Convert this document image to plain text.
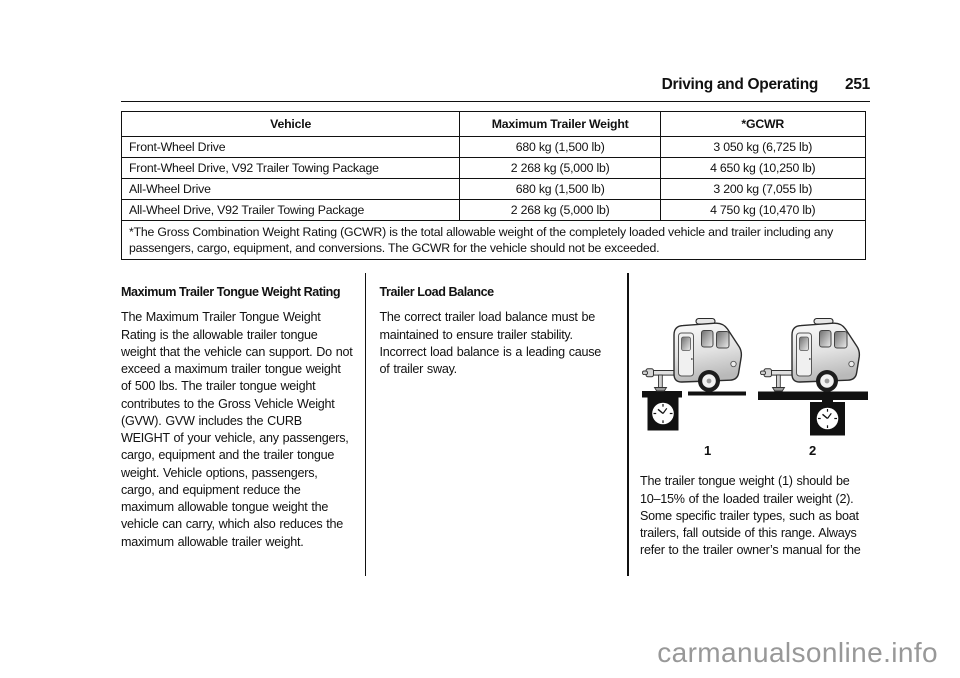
Driving and Operating 251
Vehicle	Maximum Trailer Weight	*GCWR
Front-Wheel Drive	680 kg (1,500 lb)	3 050 kg (6,725 lb)
Front-Wheel Drive, V92 Trailer Towing Package	2 268 kg (5,000 lb)	4 650 kg (10,250 lb)
All-Wheel Drive	680 kg (1,500 lb)	3 200 kg (7,055 lb)
All-Wheel Drive, V92 Trailer Towing Package	2 268 kg (5,000 lb)	4 750 kg (10,470 lb)
*The Gross Combination Weight Rating (GCWR) is the total allowable weight of the completely loaded vehicle and trailer including any passengers, cargo, equipment, and conversions. The GCWR for the vehicle should not be exceeded.		
Maximum Trailer Tongue Weight Rating

The Maximum Trailer Tongue Weight Rating is the allowable trailer tongue weight that the vehicle can support. Do not exceed a maximum trailer tongue weight of 500 lbs. The trailer tongue weight contributes to the Gross Vehicle Weight (GVW). GVW includes the CURB WEIGHT of your vehicle, any passengers, cargo, equipment and the trailer tongue weight. Vehicle options, passengers, cargo, and equipment reduce the maximum allowable tongue weight the vehicle can carry, which also reduces the maximum allowable trailer weight.

Trailer Load Balance

The correct trailer load balance must be maintained to ensure trailer stability. Incorrect load balance is a leading cause of trailer sway.

1	2

The trailer tongue weight (1) should be 10–15% of the loaded trailer weight (2). Some specific trailer types, such as boat trailers, fall outside of this range. Always refer to the trailer owner’s manual for the

carmanualsonline.info
